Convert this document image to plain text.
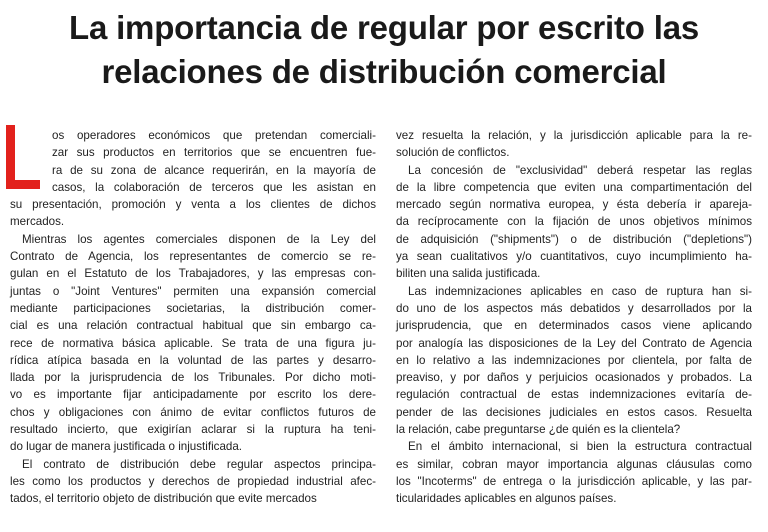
La importancia de regular por escrito las
relaciones de distribución comercial
os operadores económicos que pretendan comerciali-
zar sus productos en territorios que se encuentren fue-
ra de su zona de alcance requerirán, en la mayoría de
casos, la colaboración de terceros que les asistan en
su presentación, promoción y venta a los clientes de dichos
mercados.
Mientras los agentes comerciales disponen de la Ley del
Contrato de Agencia, los representantes de comercio se re-
gulan en el Estatuto de los Trabajadores, y las empresas con-
juntas o "Joint Ventures" permiten una expansión comercial
mediante participaciones societarias, la distribución comer-
cial es una relación contractual habitual que sin embargo ca-
rece de normativa básica aplicable. Se trata de una figura ju-
rídica atípica basada en la voluntad de las partes y desarro-
llada por la jurisprudencia de los Tribunales. Por dicho moti-
vo es importante fijar anticipadamente por escrito los dere-
chos y obligaciones con ánimo de evitar conflictos futuros de
resultado incierto, que exigirían aclarar si la ruptura ha teni-
do lugar de manera justificada o injustificada.
El contrato de distribución debe regular aspectos principa-
les como los productos y derechos de propiedad industrial afec-
tados, el territorio objeto de distribución que evite mercados
vez resuelta la relación, y la jurisdicción aplicable para la re-
solución de conflictos.
La concesión de "exclusividad" deberá respetar las reglas
de la libre competencia que eviten una compartimentación del
mercado según normativa europea, y ésta debería ir apareja-
da recíprocamente con la fijación de unos objetivos mínimos
de adquisición ("shipments") o de distribución ("depletions")
ya sean cualitativos y/o cuantitativos, cuyo incumplimiento ha-
biliten una salida justificada.
Las indemnizaciones aplicables en caso de ruptura han si-
do uno de los aspectos más debatidos y desarrollados por la
jurisprudencia, que en determinados casos viene aplicando
por analogía las disposiciones de la Ley del Contrato de Agencia
en lo relativo a las indemnizaciones por clientela, por falta de
preaviso, y por daños y perjuicios ocasionados y probados. La
regulación contractual de estas indemnizaciones evitaría de-
pender de las decisiones judiciales en estos casos. Resuelta
la relación, cabe preguntarse ¿de quién es la clientela?
En el ámbito internacional, si bien la estructura contractual
es similar, cobran mayor importancia algunas cláusulas como
los "Incoterms" de entrega o la jurisdicción aplicable, y las par-
ticularidades aplicables en algunos países.
